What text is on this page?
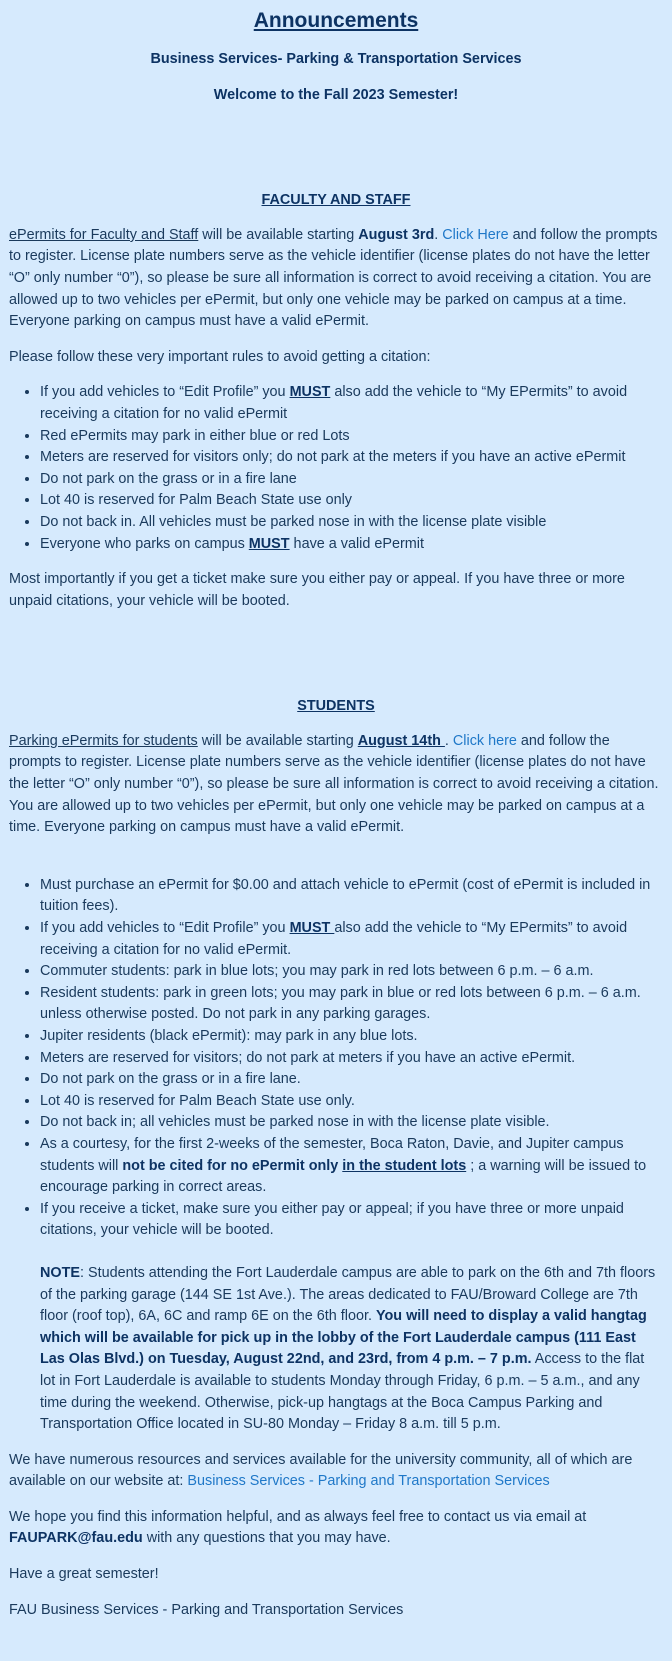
Announcements

Business Services- Parking & Transportation Services

Welcome to the Fall 2023 Semester!

FACULTY AND STAFF

ePermits for Faculty and Staff will be available starting August 3rd. Click Here and follow the prompts to register. License plate numbers serve as the vehicle identifier (license plates do not have the letter “O” only number “0”), so please be sure all information is correct to avoid receiving a citation. You are allowed up to two vehicles per ePermit, but only one vehicle may be parked on campus at a time. Everyone parking on campus must have a valid ePermit.

Please follow these very important rules to avoid getting a citation:

• If you add vehicles to “Edit Profile” you MUST also add the vehicle to “My EPermits” to avoid receiving a citation for no valid ePermit
• Red ePermits may park in either blue or red Lots
• Meters are reserved for visitors only; do not park at the meters if you have an active ePermit
• Do not park on the grass or in a fire lane
• Lot 40 is reserved for Palm Beach State use only
• Do not back in. All vehicles must be parked nose in with the license plate visible
• Everyone who parks on campus MUST have a valid ePermit

Most importantly if you get a ticket make sure you either pay or appeal. If you have three or more unpaid citations, your vehicle will be booted.

STUDENTS

Parking ePermits for students will be available starting August 14th . Click here and follow the prompts to register. License plate numbers serve as the vehicle identifier (license plates do not have the letter “O” only number “0”), so please be sure all information is correct to avoid receiving a citation. You are allowed up to two vehicles per ePermit, but only one vehicle may be parked on campus at a time. Everyone parking on campus must have a valid ePermit.

• Must purchase an ePermit for $0.00 and attach vehicle to ePermit (cost of ePermit is included in tuition fees).
• If you add vehicles to “Edit Profile” you MUST also add the vehicle to “My EPermits” to avoid receiving a citation for no valid ePermit.
• Commuter students: park in blue lots; you may park in red lots between 6 p.m. – 6 a.m.
• Resident students: park in green lots; you may park in blue or red lots between 6 p.m. – 6 a.m. unless otherwise posted. Do not park in any parking garages.
• Jupiter residents (black ePermit): may park in any blue lots.
• Meters are reserved for visitors; do not park at meters if you have an active ePermit.
• Do not park on the grass or in a fire lane.
• Lot 40 is reserved for Palm Beach State use only.
• Do not back in; all vehicles must be parked nose in with the license plate visible.
• As a courtesy, for the first 2-weeks of the semester, Boca Raton, Davie, and Jupiter campus students will not be cited for no ePermit only in the student lots ; a warning will be issued to encourage parking in correct areas.
• If you receive a ticket, make sure you either pay or appeal; if you have three or more unpaid citations, your vehicle will be booted.

NOTE: Students attending the Fort Lauderdale campus are able to park on the 6th and 7th floors of the parking garage (144 SE 1st Ave.). The areas dedicated to FAU/Broward College are 7th floor (roof top), 6A, 6C and ramp 6E on the 6th floor. You will need to display a valid hangtag which will be available for pick up in the lobby of the Fort Lauderdale campus (111 East Las Olas Blvd.) on Tuesday, August 22nd, and 23rd, from 4 p.m. – 7 p.m. Access to the flat lot in Fort Lauderdale is available to students Monday through Friday, 6 p.m. – 5 a.m., and any time during the weekend. Otherwise, pick-up hangtags at the Boca Campus Parking and Transportation Office located in SU-80 Monday – Friday 8 a.m. till 5 p.m.

We have numerous resources and services available for the university community, all of which are available on our website at: Business Services - Parking and Transportation Services

We hope you find this information helpful, and as always feel free to contact us via email at FAUPARK@fau.edu with any questions that you may have.

Have a great semester!

FAU Business Services - Parking and Transportation Services
